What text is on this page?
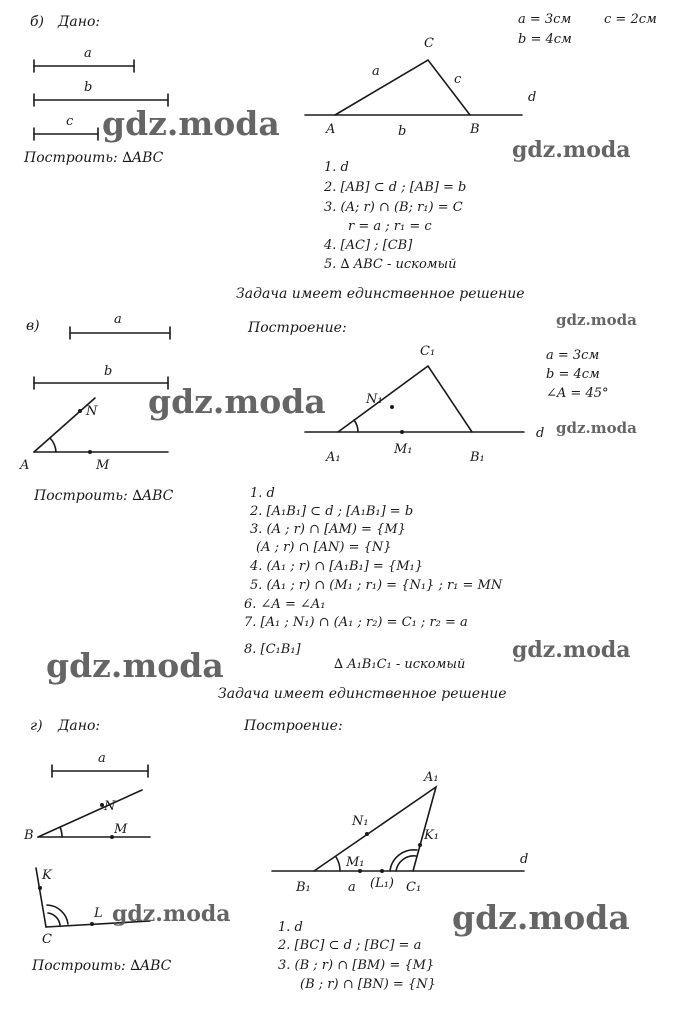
б) Дано:
a
b
c
Построить: ∆ABC
a = 3см	c = 2см
b = 4см
C
A	B
a
c
b
d
1. d
2. [AB] ⊂ d ; [AB] = b
3. (A; r) ∩ (B; r₁) = C
r = a ; r₁ = c
4. [AC] ; [CB]
5. ∆ ABC - искомый
Задача имеет единственное решение
в)	a
b
Построение:
a = 3см
b = 4см
∠A = 45°
A
N
M
Построить: ∆ABC
C₁
N₁
A₁
M₁
B₁
d
1. d
2. [A₁B₁] ⊂ d ; [A₁B₁] = b
3. (A ; r) ∩ [AM) = {M}
(A ; r) ∩ [AN) = {N}
4. (A₁ ; r) ∩ [A₁B₁] = {M₁}
5. (A₁ ; r) ∩ (M₁ ; r₁) = {N₁} ; r₁ = MN
6. ∠A = ∠A₁
7. [A₁ ; N₁) ∩ (A₁ ; r₂) = C₁ ; r₂ = a
8. [C₁B₁]
∆ A₁B₁C₁ - искомый
Задача имеет единственное решение
г) Дано:	Построение:
a
B
N
M
K
C
L
Построить: ∆ABC
A₁
N₁
K₁
M₁
B₁	a (L₁) C₁
d
1. d
2. [BC] ⊂ d ; [BC] = a
3. (B ; r) ∩ [BM) = {M}
(B ; r) ∩ [BN) = {N}
gdz.moda
gdz.moda
gdz.moda
gdz.moda
gdz.moda
gdz.moda	gdz.moda
gdz.moda	gdz.moda
